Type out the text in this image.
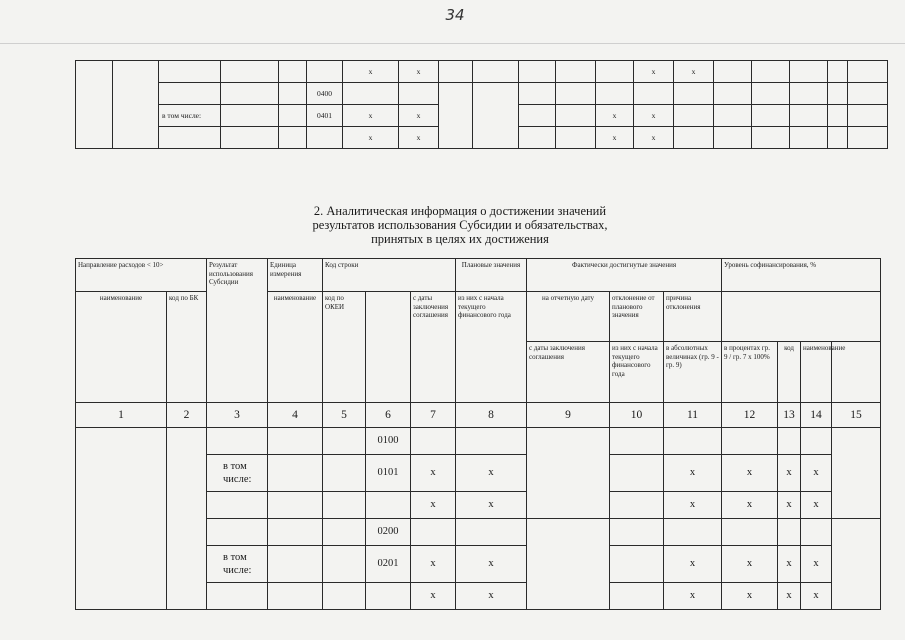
34
						x	x						x	x					
					0400														
		в том числе:			0401	x	x					x	x						
						x	x					x	x						
2. Аналитическая информация о достижении значений
результатов использования Субсидии и обязательствах,
принятых в целях их достижения
Направление расходов < 10>		Результат использования Субсидии	Единица измерения	Код строки			Плановые значения	Фактически достигнутые значения			Уровень софинансирования, %			
наименование	код по БК		наименование	код по ОКЕИ		с даты заключения соглашения	из них с начала текущего финансового года	на отчетную дату	отклонение от планового значения	причина отклонения				
								с даты заключения соглашения	из них с начала текущего финансового года	в абсолютных величинах (гр. 9 - гр. 9)	в процентах гр. 9 / гр. 7 х 100%	код	наименование	
1	2	3	4	5	6	7	8	9	10	11	12	13	14	15
					0100									
		в том числе:			0101	x	x			x	x	x	x	
						x	x			x	x	x	x	
					0200									
		в том числе:			0201	x	x			x	x	x	x	
						x	x			x	x	x	x	
